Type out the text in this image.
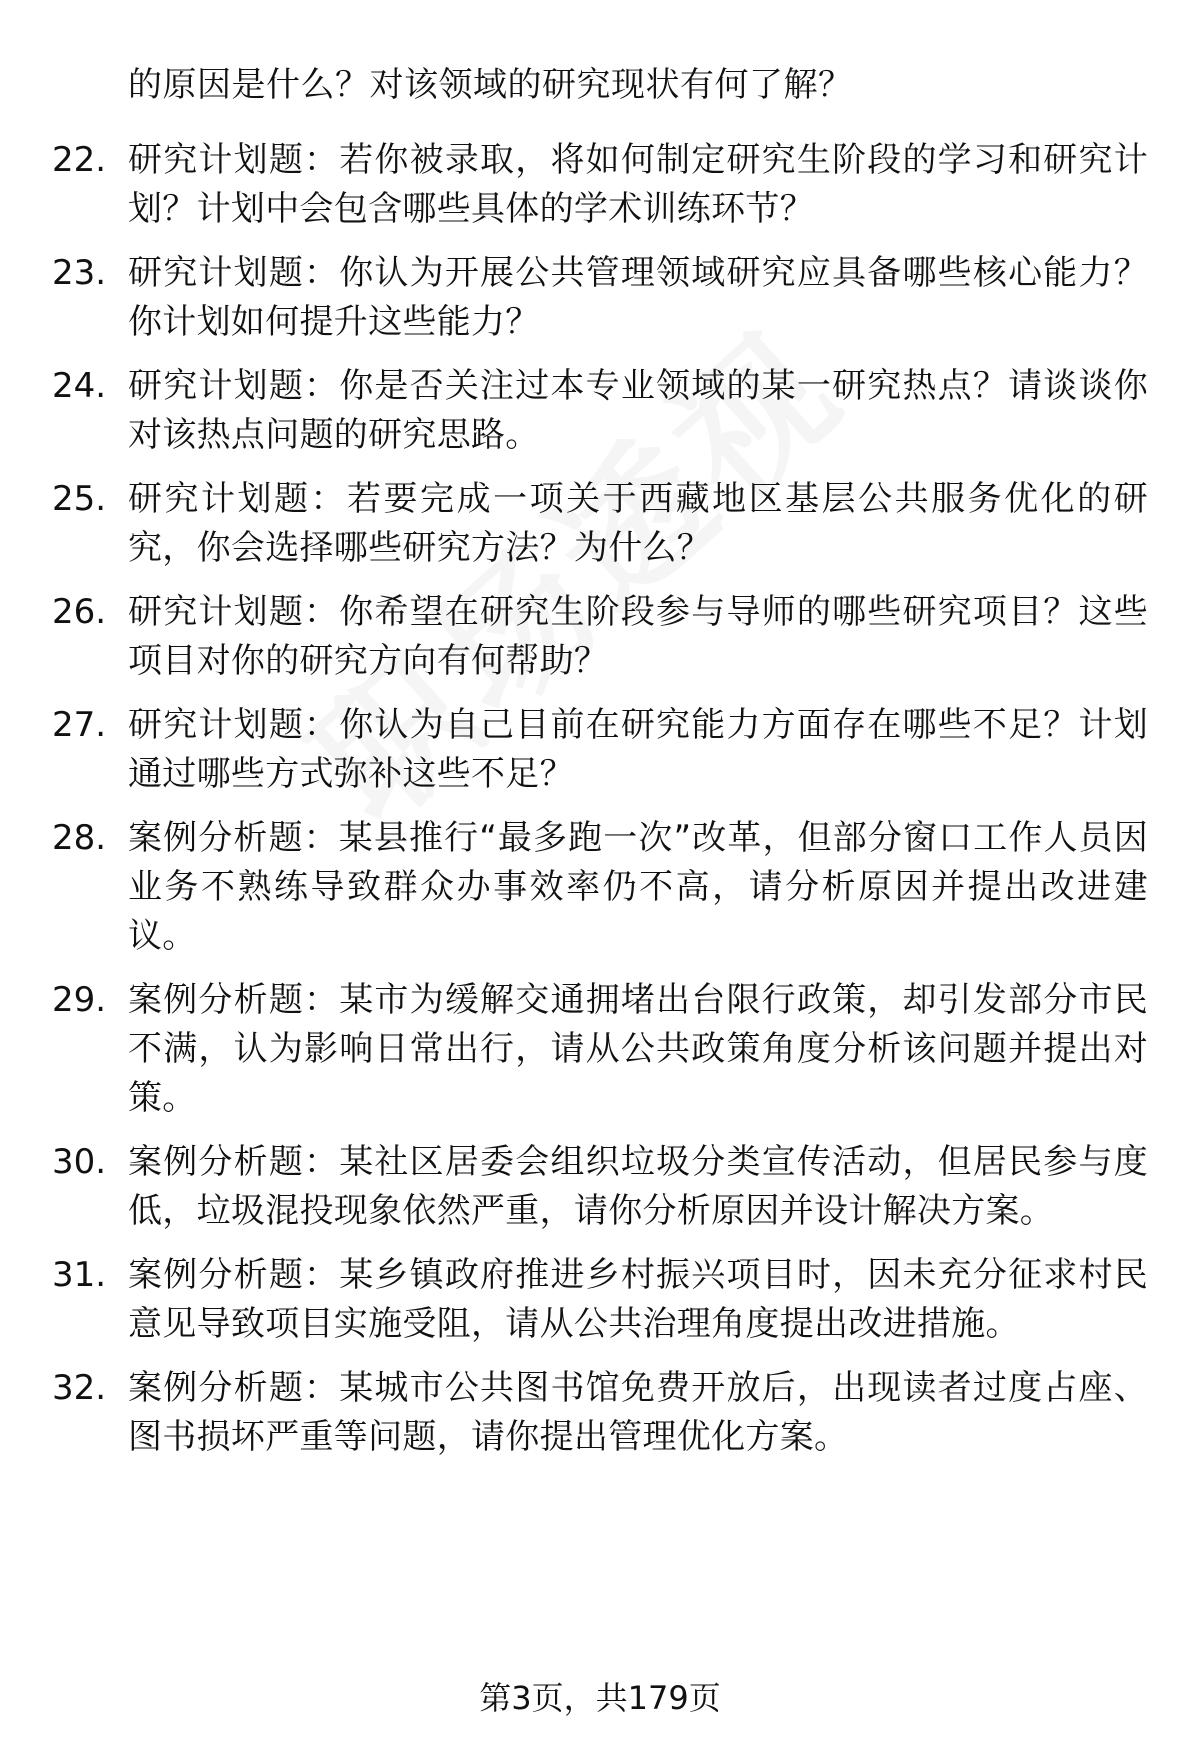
的原因是什么？对该领域的研究现状有何了解？
22. 研究计划题：若你被录取，将如何制定研究生阶段的学习和研究计划？计划中会包含哪些具体的学术训练环节？
23. 研究计划题：你认为开展公共管理领域研究应具备哪些核心能力？你计划如何提升这些能力？
24. 研究计划题：你是否关注过本专业领域的某一研究热点？请谈谈你对该热点问题的研究思路。
25. 研究计划题：若要完成一项关于西藏地区基层公共服务优化的研究，你会选择哪些研究方法？为什么？
26. 研究计划题：你希望在研究生阶段参与导师的哪些研究项目？这些项目对你的研究方向有何帮助？
27. 研究计划题：你认为自己目前在研究能力方面存在哪些不足？计划通过哪些方式弥补这些不足？
28. 案例分析题：某县推行“最多跑一次”改革，但部分窗口工作人员因业务不熟练导致群众办事效率仍不高，请分析原因并提出改进建议。
29. 案例分析题：某市为缓解交通拥堵出台限行政策，却引发部分市民不满，认为影响日常出行，请从公共政策角度分析该问题并提出对策。
30. 案例分析题：某社区居委会组织垃圾分类宣传活动，但居民参与度低，垃圾混投现象依然严重，请你分析原因并设计解决方案。
31. 案例分析题：某乡镇政府推进乡村振兴项目时，因未充分征求村民意见导致项目实施受阻，请从公共治理角度提出改进措施。
32. 案例分析题：某城市公共图书馆免费开放后，出现读者过度占座、图书损坏严重等问题，请你提出管理优化方案。
第3页，共179页
